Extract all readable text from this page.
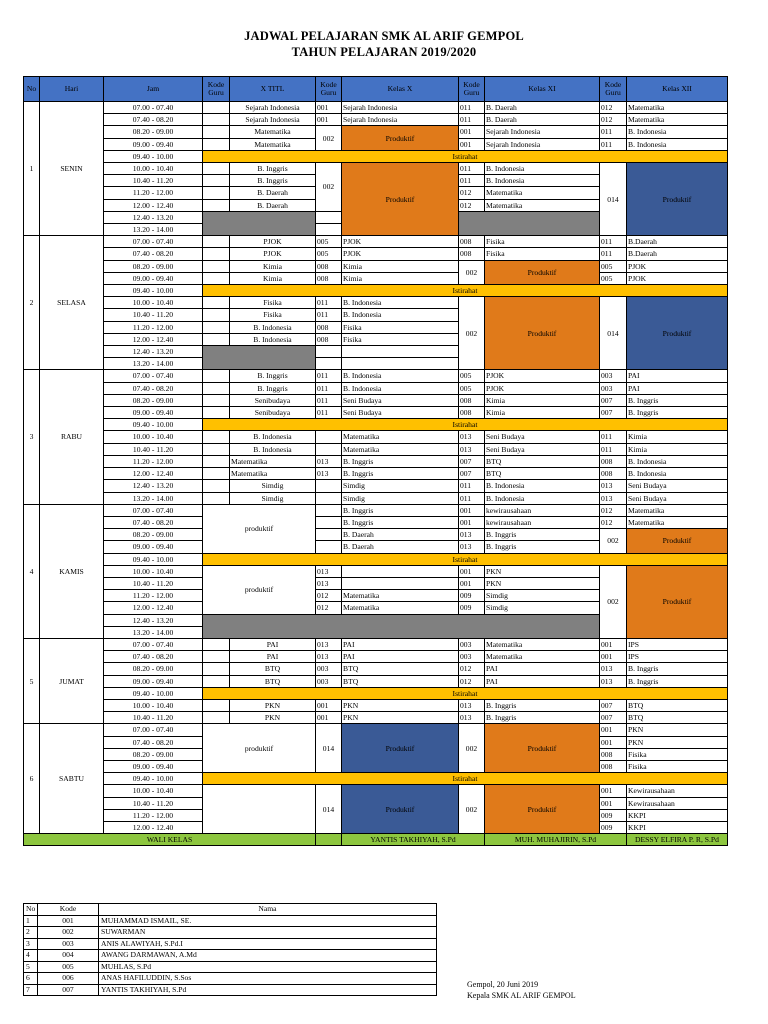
JADWAL PELAJARAN SMK AL ARIF GEMPOL
TAHUN PELAJARAN 2019/2020
No	Hari	Jam	Kode Guru	X TITL	Kode Guru	Kelas X	Kode Guru	Kelas XI	Kode Guru	Kelas XII
1	SENIN	07.00 - 07.40		Sejarah Indonesia	001	Sejarah Indonesia	011	B. Daerah	012	Matematika
		07.40 - 08.20		Sejarah Indonesia	001	Sejarah Indonesia	011	B. Daerah	012	Matematika
		08.20 - 09.00		Matematika	002	Produktif	001	Sejarah Indonesia	011	B. Indonesia
		09.00 - 09.40		Matematika			001	Sejarah Indonesia	011	B. Indonesia
		09.40 - 10.00	Istirahat							
		10.00 - 10.40		B. Inggris	002	Produktif	011	B. Indonesia	014	Produktif
		10.40 - 11.20		B. Inggris			011	B. Indonesia		
		11.20 - 12.00		B. Daerah			012	Matematika		
		12.00 - 12.40		B. Daerah			012	Matematika		
		12.40 - 13.20								
		13.20 - 14.00								
2	SELASA	07.00 - 07.40		PJOK	005	PJOK	008	Fisika	011	B.Daerah
		07.40 - 08.20		PJOK	005	PJOK	008	Fisika	011	B.Daerah
		08.20 - 09.00		Kimia	008	Kimia	002	Produktif	005	PJOK
		09.00 - 09.40		Kimia	008	Kimia			005	PJOK
		09.40 - 10.00	Istirahat							
		10.00 - 10.40		Fisika	011	B. Indonesia	002	Produktif	014	Produktif
		10.40 - 11.20		Fisika	011	B. Indonesia				
		11.20 - 12.00		B. Indonesia	008	Fisika				
		12.00 - 12.40		B. Indonesia	008	Fisika				
		12.40 - 13.20								
		13.20 - 14.00								
3	RABU	07.00 - 07.40		B. Inggris	011	B. Indonesia	005	PJOK	003	PAI
		07.40 - 08.20		B. Inggris	011	B. Indonesia	005	PJOK	003	PAI
		08.20 - 09.00		Senibudaya	011	Seni Budaya	008	Kimia	007	B. Inggris
		09.00 - 09.40		Senibudaya	011	Seni Budaya	008	Kimia	007	B. Inggris
		09.40 - 10.00	Istirahat							
		10.00 - 10.40		B. Indonesia		Matematika	013	Seni Budaya	011	Kimia
		10.40 - 11.20		B. Indonesia		Matematika	013	Seni Budaya	011	Kimia
		11.20 - 12.00		Matematika	013	B. Inggris	007	BTQ	008	B. Indonesia
		12.00 - 12.40		Matematika	013	B. Inggris	007	BTQ	008	B. Indonesia
		12.40 - 13.20		Simdig		Simdig	011	B. Indonesia	013	Seni Budaya
		13.20 - 14.00		Simdig		Simdig	011	B. Indonesia	013	Seni Budaya
4	KAMIS	07.00 - 07.40	produktif			B. Inggris	001	kewirausahaan	012	Matematika
		07.40 - 08.20				B. Inggris	001	kewirausahaan	012	Matematika
		08.20 - 09.00				B. Daerah	013	B. Inggris	002	Produktif
		09.00 - 09.40				B. Daerah	013	B. Inggris		
		09.40 - 10.00	Istirahat							
		10.00 - 10.40	produktif		013		001	PKN	002	Produktif
		10.40 - 11.20			013		001	PKN		
		11.20 - 12.00			012	Matematika	009	Simdig		
		12.00 - 12.40			012	Matematika	009	Simdig		
		12.40 - 13.20								
		13.20 - 14.00								
5	JUMAT	07.00 - 07.40		PAI	013	PAI	003	Matematika	001	IPS
		07.40 - 08.20		PAI	013	PAI	003	Matematika	001	IPS
		08.20 - 09.00		BTQ	003	BTQ	012	PAI	013	B. Inggris
		09.00 - 09.40		BTQ	003	BTQ	012	PAI	013	B. Inggris
		09.40 - 10.00	Istirahat							
		10.00 - 10.40		PKN	001	PKN	013	B. Inggris	007	BTQ
		10.40 - 11.20		PKN	001	PKN	013	B. Inggris	007	BTQ
6	SABTU	07.00 - 07.40	produktif		014	Produktif	002	Produktif	001	PKN
		07.40 - 08.20							001	PKN
		08.20 - 09.00							008	Fisika
		09.00 - 09.40							008	Fisika
		09.40 - 10.00	Istirahat							
		10.00 - 10.40			014	Produktif	002	Produktif	001	Kewirausahaan
		10.40 - 11.20							001	Kewirausahaan
		11.20 - 12.00							009	KKPI
		12.00 - 12.40							009	KKPI
WALI KELAS						YANTIS TAKHIYAH, S.Pd		MUH. MUHAJIRIN, S.Pd		DESSY ELFIRA P. R, S.Pd
No	Kode	Nama
1	001	MUHAMMAD ISMAIL, SE.
2	002	SUWARMAN
3	003	ANIS ALAWIYAH, S.Pd.I
4	004	AWANG DARMAWAN, A.Md
5	005	MUHLAS, S.Pd
6	006	ANAS HAFILUDDIN, S.Sos
7	007	YANTIS TAKHIYAH, S.Pd	Gempol, 20 Juni 2019
Kepala SMK AL ARIF GEMPOL
